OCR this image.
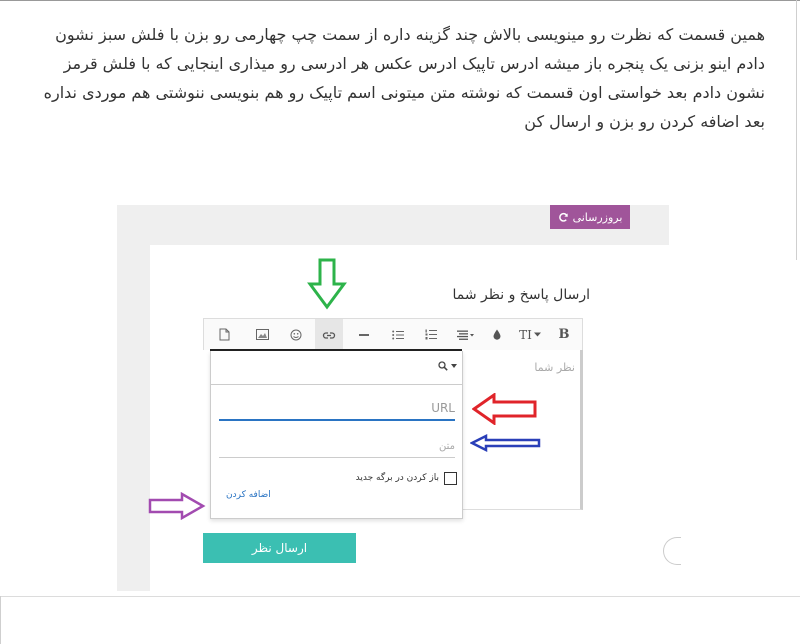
همین قسمت که نظرت رو مینویسی بالاش چند گزینه داره از سمت چپ چهارمی رو بزن با فلش سبز نشون دادم اینو بزنی یک پنجره باز میشه ادرس تاپیک ادرس عکس هر ادرسی رو میذاری اینجایی که با فلش قرمز نشون دادم بعد خواستی اون قسمت که نوشته متن میتونی اسم تاپیک رو هم بنویسی ننوشتی هم موردی نداره بعد اضافه کردن رو بزن و ارسال کن
بروزرسانی
ارسال پاسخ و نظر شما
TI B
نظر شما
URL
متن
باز کردن در برگه جدید
اضافه کردن
ارسال نظر
